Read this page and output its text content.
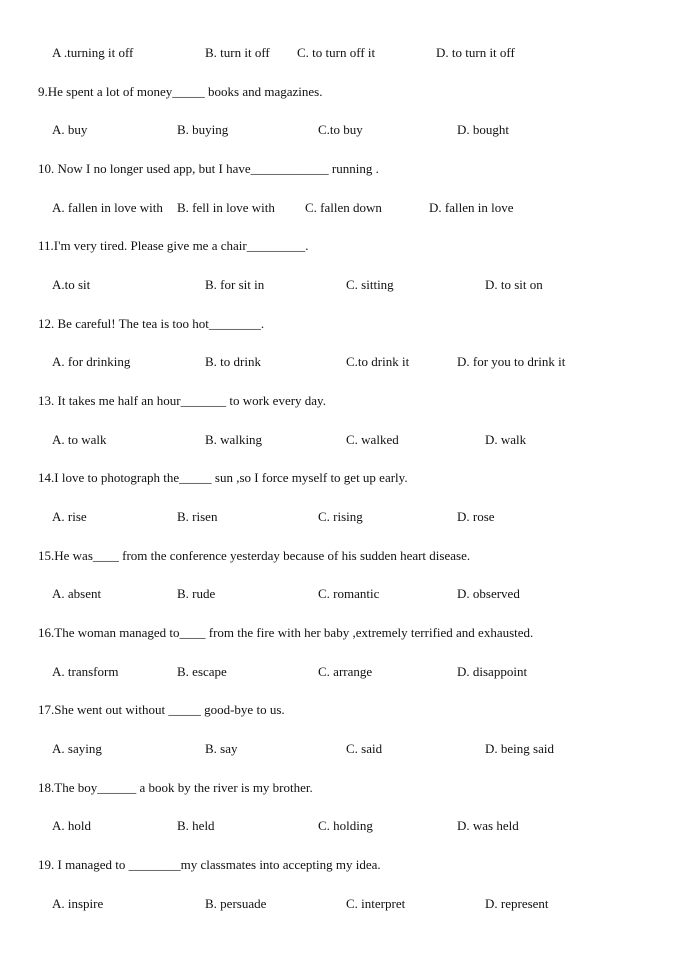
A .turning it off	B. turn it off C. to turn off it	D. to turn it off
9.He spent a lot of money_____ books and magazines.
A. buy	B. buying	C.to buy	D. bought
10. Now I no longer used app, but I have____________ running .
A. fallen in love with B. fell in love with C. fallen down	D. fallen in love
11.I'm very tired. Please give me a chair_________.
A.to sit	B. for sit in	C. sitting	D. to sit on
12. Be careful! The tea is too hot________.
A. for drinking	B. to drink	C.to drink it	D. for you to drink it
13. It takes me half an hour_______ to work every day.
A. to walk	B. walking	C. walked	D. walk
14.I love to photograph the_____ sun ,so I force myself to get up early.
A. rise	B. risen	C. rising	D. rose
15.He was____ from the conference yesterday because of his sudden heart disease.
A. absent	B. rude	C. romantic	D. observed
16.The woman managed to____ from the fire with her baby ,extremely terrified and exhausted.
A. transform	B. escape	C. arrange	D. disappoint
17.She went out without _____ good-bye to us.
A. saying	B. say	C. said	D. being said
18.The boy______ a book by the river is my brother.
A. hold	B. held	C. holding	D. was held
19. I managed to ________my classmates into accepting my idea.
A. inspire	B. persuade	C. interpret	D. represent
